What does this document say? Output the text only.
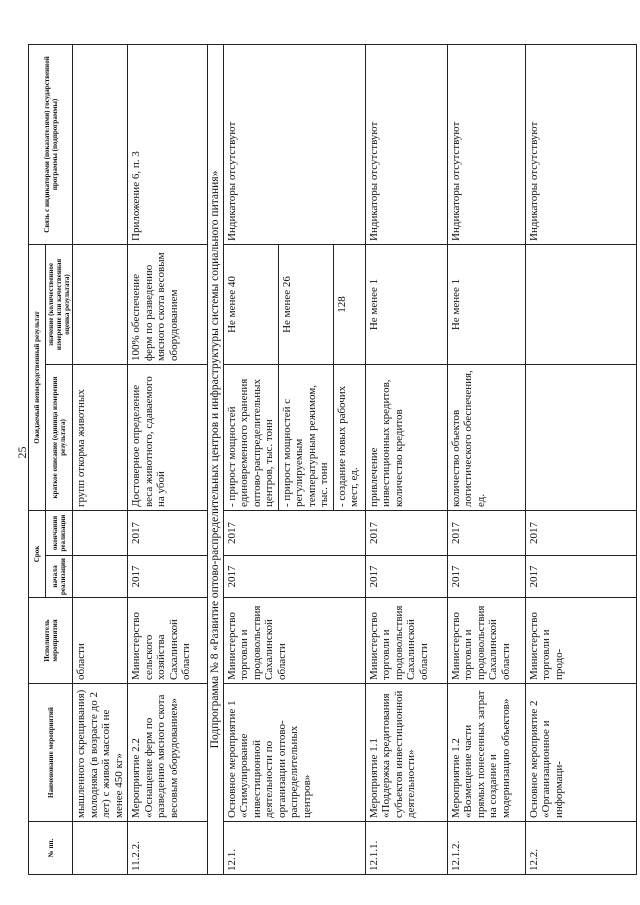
25
№ пп.	Наименование мероприятий	Исполнитель мероприятия	Срок		Ожидаемый непосредственный результат		Связь с индикаторами (показателями) государственной программы (подпрограммы)
			начала реализации	окончания реализации	краткое описание (единица измерения результата)	значение (количественное измерение или качественная оценка результата)	
	мышленного скрещивания) молодняка (в возрасте до 2 лет) с живой массой не менее 450 кг»	области			групп откорма животных		
11.2.2.	Мероприятие 2.2 «Оснащение ферм по разведению мясного скота весовым оборудованием»	Министерство сельского хозяйства Сахалинской области	2017	2017	Достоверное определение веса животного, сдаваемого на убой	100% обеспечение ферм по разведению мясного скота весовым оборудованием	Приложение 6, п. 3
Подпрограмма № 8 «Развитие оптово-распределительных центров и инфраструктуры системы социального питания»							
12.1.	Основное мероприятие 1 «Стимулирование инвестиционной деятельности по организации оптово-распределительных центров»	Министерство торговли и продовольствия Сахалинской области	2017	2017	- прирост мощностей единовременного хранения оптово-распределительных центров, тыс. тонн	Не менее 40	Индикаторы отсутствуют
					- прирост мощностей с регулируемым температурным режимом, тыс. тонн	Не менее 26	
					- создание новых рабочих мест, ед.	128	
12.1.1.	Мероприятие 1.1 «Поддержка кредитования субъектов инвестиционной деятельности»	Министерство торговли и продовольствия Сахалинской области	2017	2017	привлечение инвестиционных кредитов, количество кредитов	Не менее 1	Индикаторы отсутствуют
12.1.2.	Мероприятие 1.2 «Возмещение части прямых понесенных затрат на создание и модернизацию объектов»	Министерство торговли и продовольствия Сахалинской области	2017	2017	количество объектов логистического обеспечения, ед.	Не менее 1	Индикаторы отсутствуют
12.2.	Основное мероприятие 2 «Организационное и информаци-	Министерство торговли и продо-	2017	2017			Индикаторы отсутствуют
